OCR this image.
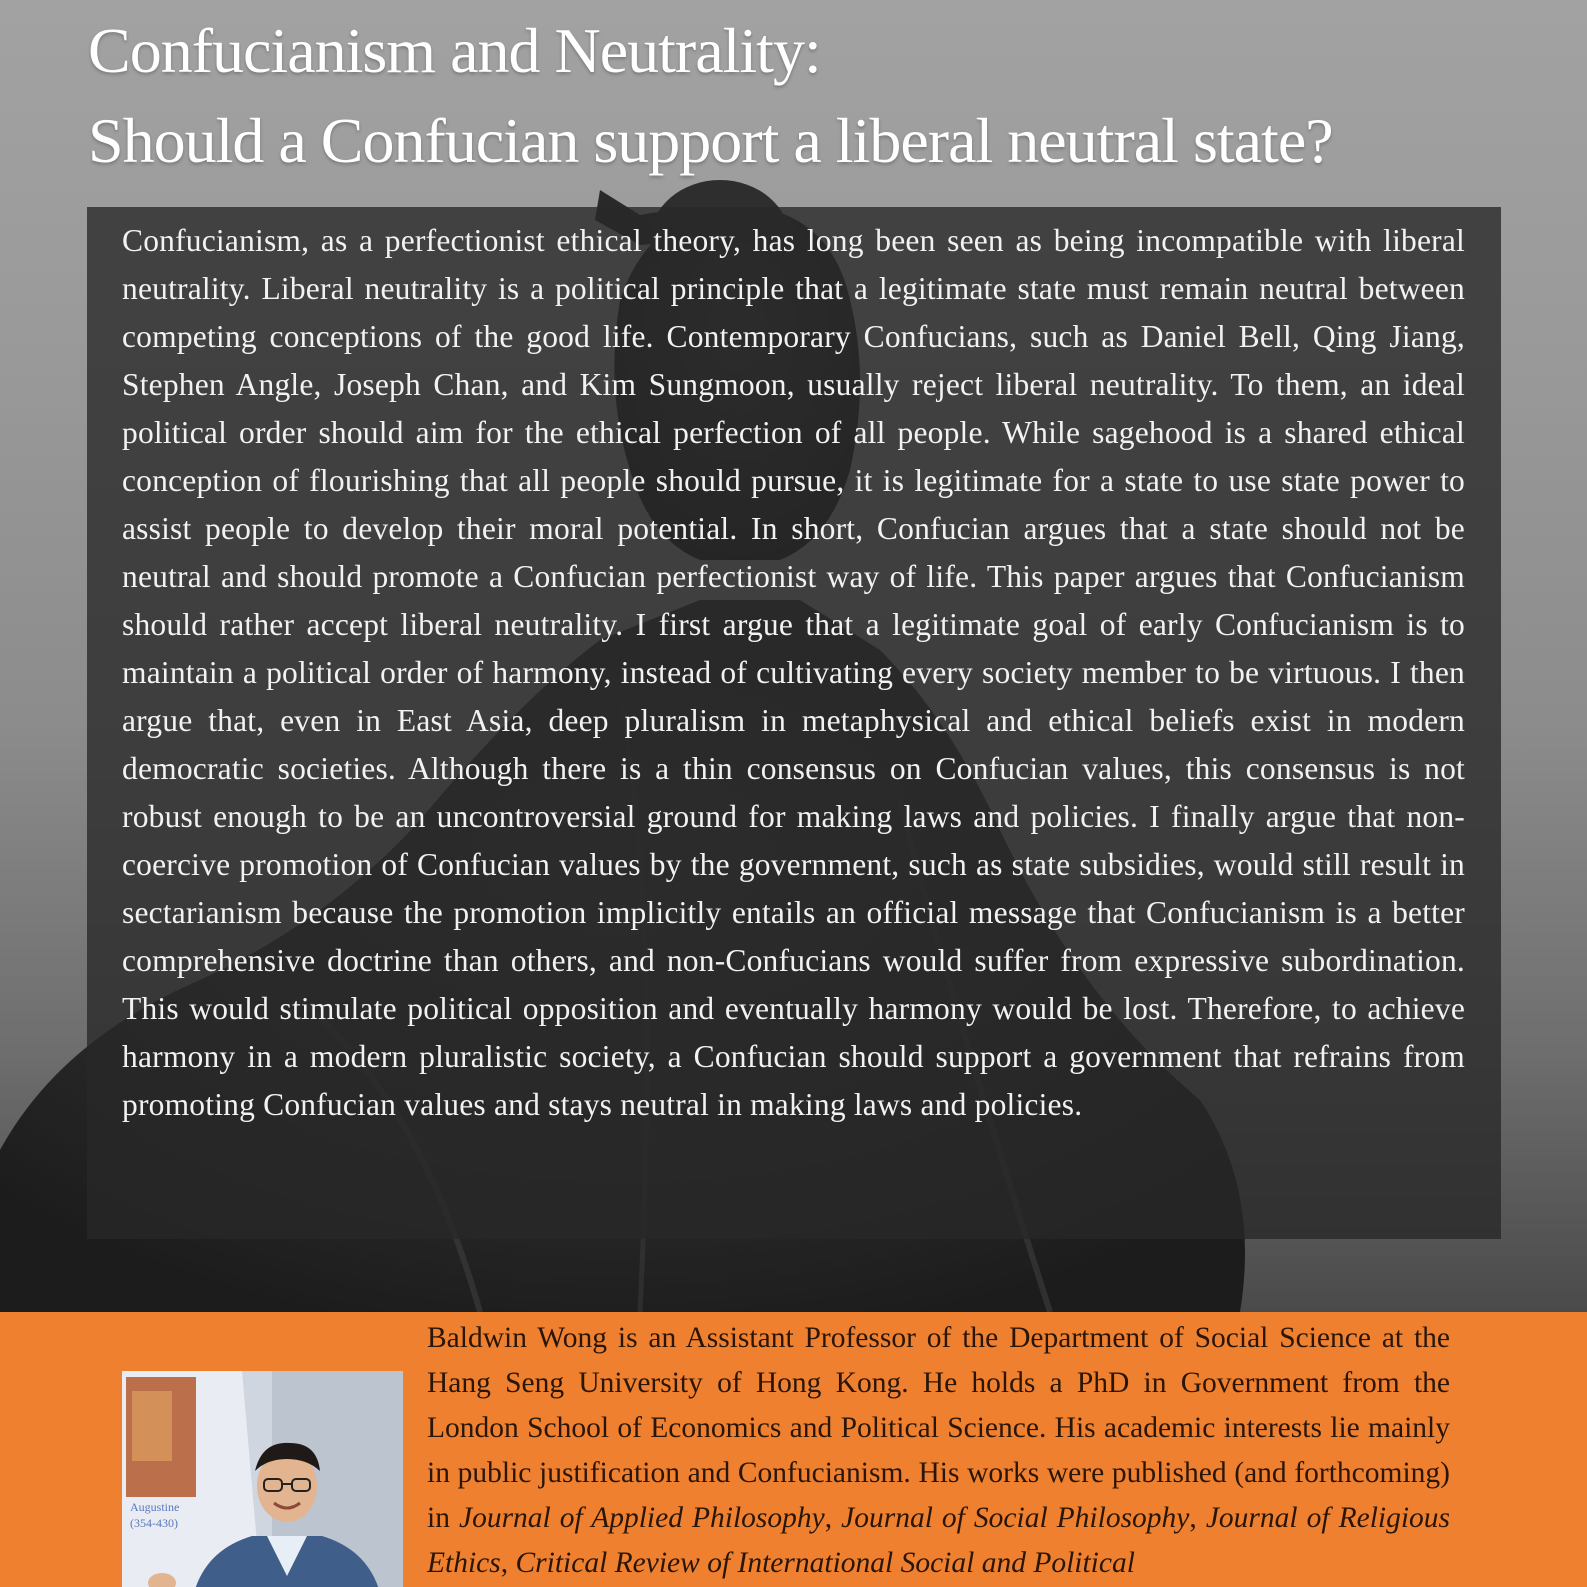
Confucianism and Neutrality:
Should a Confucian support a liberal neutral state?

Confucianism, as a perfectionist ethical theory, has long been seen as being incompatible with liberal neutrality. Liberal neutrality is a political principle that a legitimate state must remain neutral between competing conceptions of the good life. Contemporary Confucians, such as Daniel Bell, Qing Jiang, Stephen Angle, Joseph Chan, and Kim Sungmoon, usually reject liberal neutrality. To them, an ideal political order should aim for the ethical perfection of all people. While sagehood is a shared ethical conception of flourishing that all people should pursue, it is legitimate for a state to use state power to assist people to develop their moral potential. In short, Confucian argues that a state should not be neutral and should promote a Confucian perfectionist way of life. This paper argues that Confucianism should rather accept liberal neutrality. I first argue that a legitimate goal of early Confucianism is to maintain a political order of harmony, instead of cultivating every society member to be virtuous. I then argue that, even in East Asia, deep pluralism in metaphysical and ethical beliefs exist in modern democratic societies. Although there is a thin consensus on Confucian values, this consensus is not robust enough to be an uncontroversial ground for making laws and policies. I finally argue that non-coercive promotion of Confucian values by the government, such as state subsidies, would still result in sectarianism because the promotion implicitly entails an official message that Confucianism is a better comprehensive doctrine than others, and non-Confucians would suffer from expressive subordination. This would stimulate political opposition and eventually harmony would be lost. Therefore, to achieve harmony in a modern pluralistic society, a Confucian should support a government that refrains from promoting Confucian values and stays neutral in making laws and policies.

Augustine
(354-430)

Baldwin Wong is an Assistant Professor of the Department of Social Science at the Hang Seng University of Hong Kong. He holds a PhD in Government from the London School of Economics and Political Science. His academic interests lie mainly in public justification and Confucianism. His works were published (and forthcoming) in Journal of Applied Philosophy, Journal of Social Philosophy, Journal of Religious Ethics, Critical Review of International Social and Political
